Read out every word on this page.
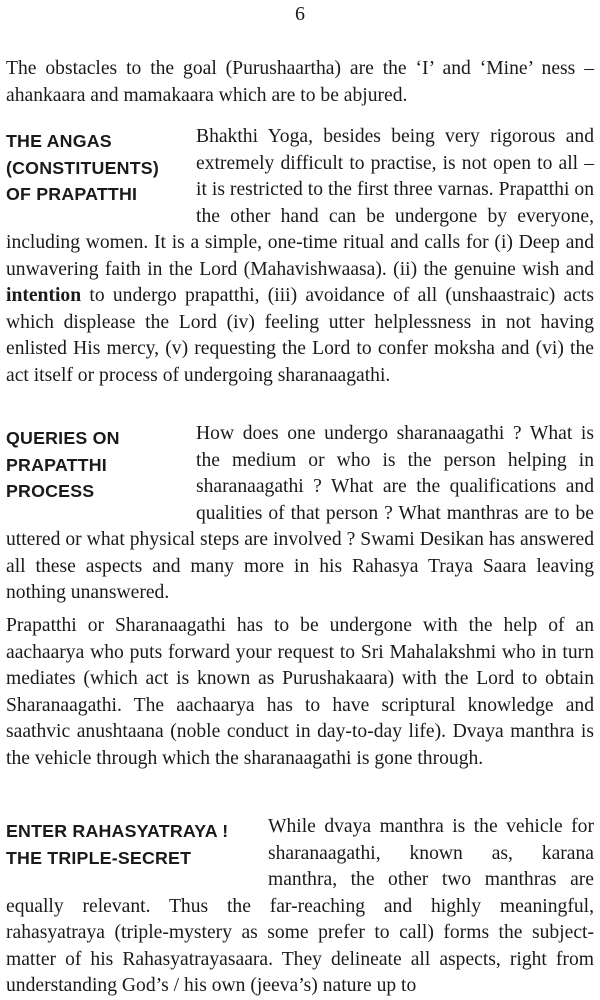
6

The obstacles to the goal (Purushaartha) are the ‘I’ and ‘Mine’ ness – ahankaara and mamakaara which are to be abjured.

THE ANGAS
(CONSTITUENTS)
OF PRAPATTHI

Bhakthi Yoga, besides being very rigorous and extremely difficult to practise, is not open to all – it is restricted to the first three varnas. Prapatthi on the other hand can be undergone by everyone, including women. It is a simple, one-time ritual and calls for (i) Deep and unwavering faith in the Lord (Mahavishwaasa). (ii) the genuine wish and intention to undergo prapatthi, (iii) avoidance of all (unshaastraic) acts which displease the Lord (iv) feeling utter helplessness in not having enlisted His mercy, (v) requesting the Lord to confer moksha and (vi) the act itself or process of undergoing sharanaagathi.

QUERIES ON
PRAPATTHI
PROCESS

How does one undergo sharanaagathi ? What is the medium or who is the person helping in sharanaagathi ? What are the qualifications and qualities of that person ? What manthras are to be uttered or what physical steps are involved ? Swami Desikan has answered all these aspects and many more in his Rahasya Traya Saara leaving nothing unanswered.

Prapatthi or Sharanaagathi has to be undergone with the help of an aachaarya who puts forward your request to Sri Mahalakshmi who in turn mediates (which act is known as Purushakaara) with the Lord to obtain Sharanaagathi. The aachaarya has to have scriptural knowledge and saathvic anushtaana (noble conduct in day-to-day life). Dvaya manthra is the vehicle through which the sharanaagathi is gone through.

ENTER RAHASYATRAYA !
THE TRIPLE-SECRET

While dvaya manthra is the vehicle for sharanaagathi, known as, karana manthra, the other two manthras are equally relevant. Thus the far-reaching and highly meaningful, rahasyatraya (triple-mystery as some prefer to call) forms the subject-matter of his Rahasyatrayasaara. They delineate all aspects, right from understanding God’s / his own (jeeva’s) nature up to
